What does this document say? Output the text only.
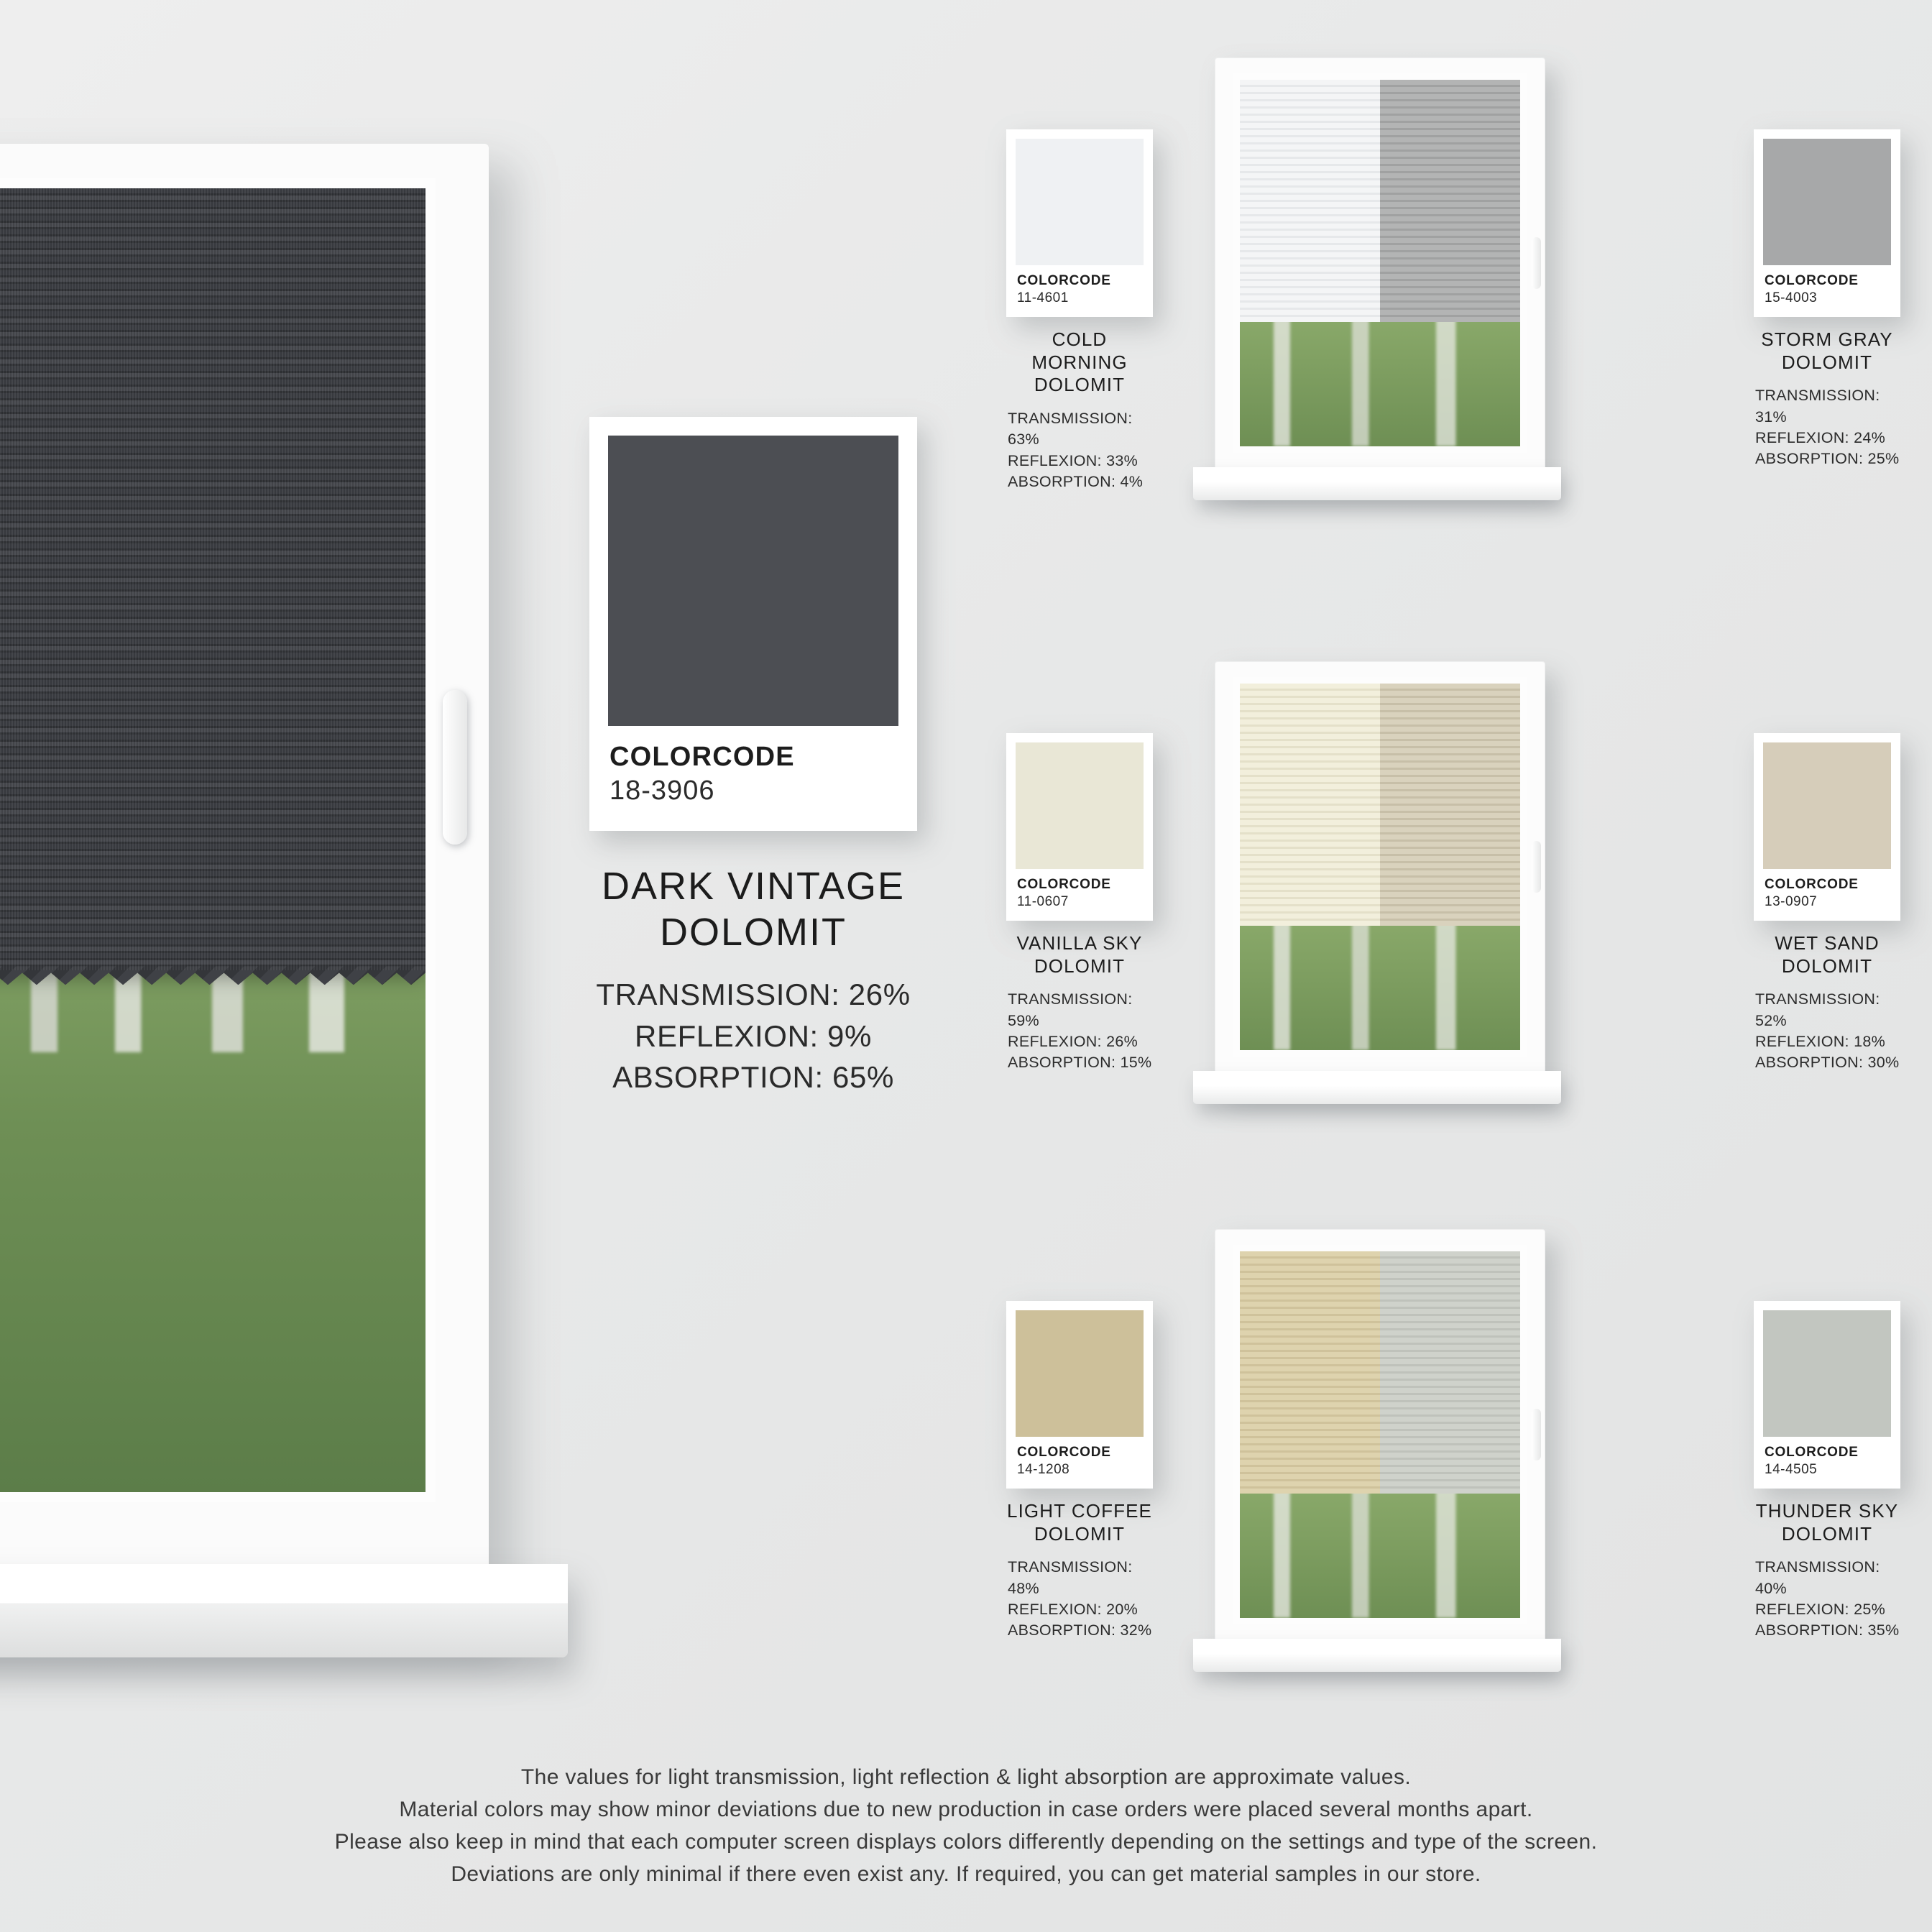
COLORCODE
18-3906
DARK VINTAGE
DOLOMIT
TRANSMISSION: 26%
REFLEXION: 9%
ABSORPTION: 65%
COLORCODE
11-4601
COLD MORNING
DOLOMIT
TRANSMISSION: 63%
REFLEXION: 33%
ABSORPTION: 4%
COLORCODE
15-4003
STORM GRAY
DOLOMIT
TRANSMISSION: 31%
REFLEXION: 24%
ABSORPTION: 25%
COLORCODE
11-0607
VANILLA SKY
DOLOMIT
TRANSMISSION: 59%
REFLEXION: 26%
ABSORPTION: 15%
COLORCODE
13-0907
WET SAND
DOLOMIT
TRANSMISSION: 52%
REFLEXION: 18%
ABSORPTION: 30%
COLORCODE
14-1208
LIGHT COFFEE
DOLOMIT
TRANSMISSION: 48%
REFLEXION: 20%
ABSORPTION: 32%
COLORCODE
14-4505
THUNDER SKY
DOLOMIT
TRANSMISSION: 40%
REFLEXION: 25%
ABSORPTION: 35%
The values for light transmission, light reflection & light absorption are approximate values.
Material colors may show minor deviations due to new production in case orders were placed several months apart.
Please also keep in mind that each computer screen displays colors differently depending on the settings and type of the screen.
Deviations are only minimal if there even exist any. If required, you can get material samples in our store.
